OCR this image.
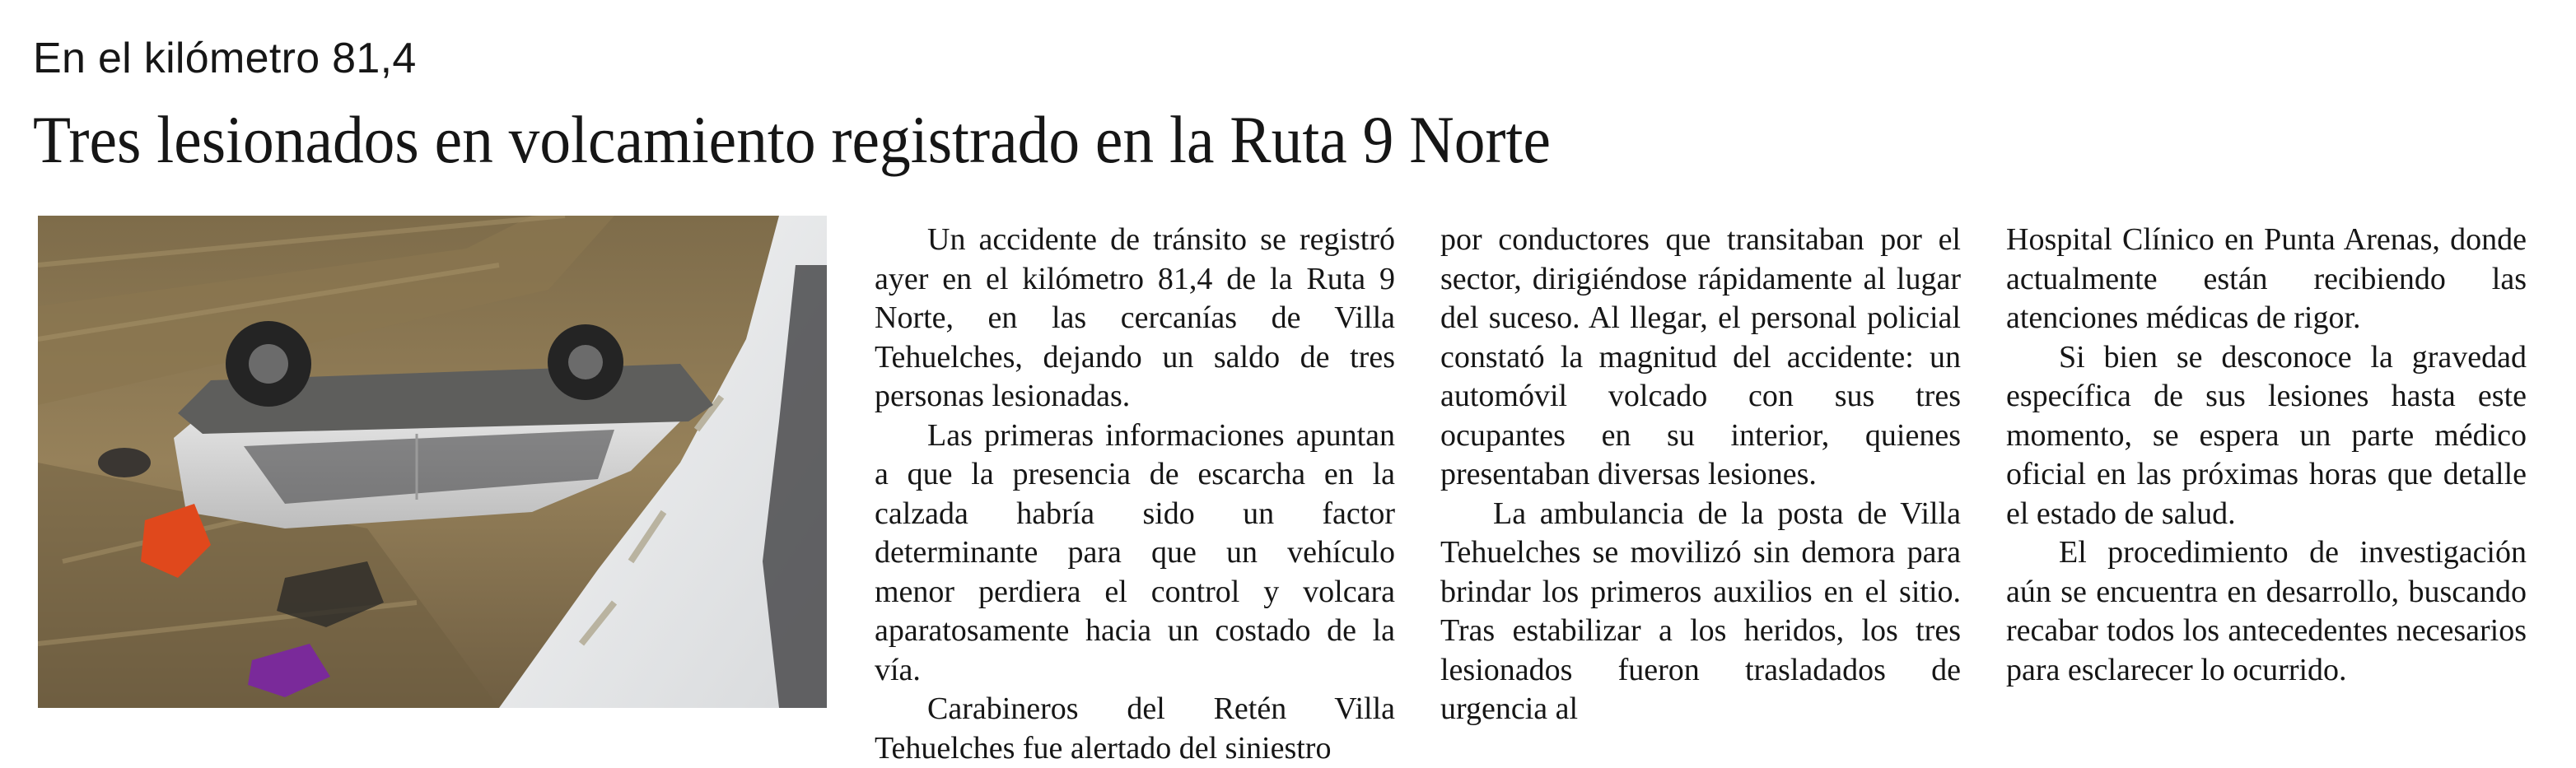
En el kilómetro 81,4
Tres lesionados en volcamiento registrado en la Ruta 9 Norte

Un accidente de tránsito se registró ayer en el kilómetro 81,4 de la Ruta 9 Norte, en las cercanías de Villa Tehuelches, dejando un saldo de tres personas lesionadas.

Las primeras informaciones apuntan a que la presencia de escarcha en la calzada habría sido un factor determinante para que un vehículo menor perdiera el control y volcara aparatosamente hacia un costado de la vía.

Carabineros del Retén Villa Tehuelches fue alertado del siniestro

por conductores que transitaban por el sector, dirigiéndose rápidamente al lugar del suceso. Al llegar, el personal policial constató la magnitud del accidente: un automóvil volcado con sus tres ocupantes en su interior, quienes presentaban diversas lesiones.

La ambulancia de la posta de Villa Tehuelches se movilizó sin demora para brindar los primeros auxilios en el sitio. Tras estabilizar a los heridos, los tres lesionados fueron trasladados de urgencia al

Hospital Clínico en Punta Arenas, donde actualmente están recibiendo las atenciones médicas de rigor.

Si bien se desconoce la gravedad específica de sus lesiones hasta este momento, se espera un parte médico oficial en las próximas horas que detalle el estado de salud.

El procedimiento de investigación aún se encuentra en desarrollo, buscando recabar todos los antecedentes necesarios para esclarecer lo ocurrido.
